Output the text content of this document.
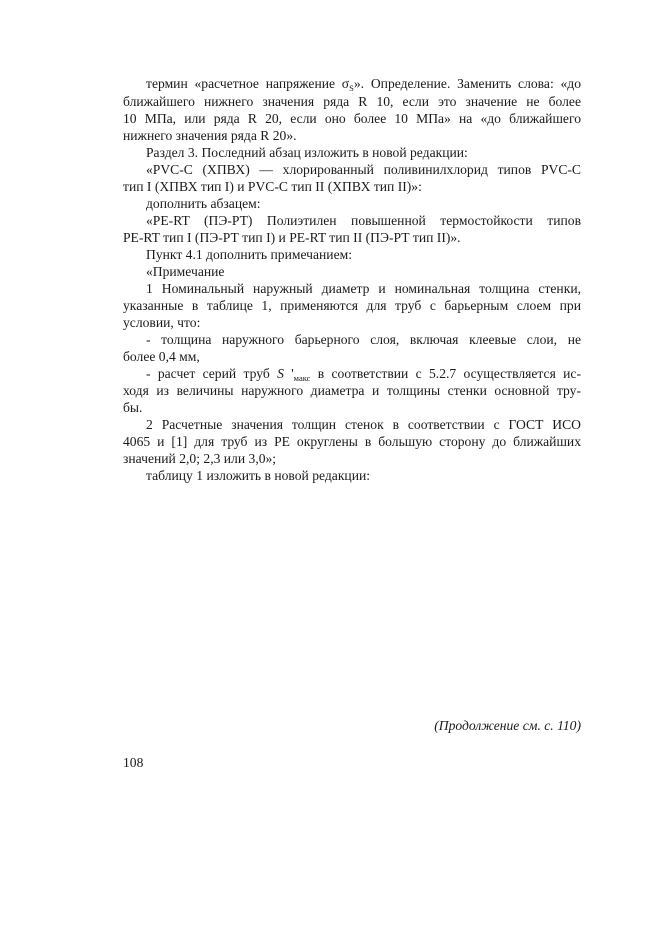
термин «расчетное напряжение $\sigma_S$». Определение. Заменить слова: «до

ближайшего нижнего значения ряда R 10, если это значение не более

10 МПа, или ряда R 20, если оно более 10 МПа» на «до ближайшего

нижнего значения ряда R 20».

Раздел 3. Последний абзац изложить в новой редакции:

«PVC-C (ХПВХ) — хлорированный поливинилхлорид типов PVC-C

тип I (ХПВХ тип I) и PVC-C тип II (ХПВХ тип II)»:

дополнить абзацем:

«PE-RT (ПЭ-РТ) Полиэтилен повышенной термостойкости типов

PE-RT тип I (ПЭ-РТ тип I) и PE-RT тип II (ПЭ-РТ тип II)».

Пункт 4.1 дополнить примечанием:

«Примечание

1 Номинальный наружный диаметр и номинальная толщина стенки,

указанные в таблице 1, применяются для труб с барьерным слоем при

условии, что:

- толщина наружного барьерного слоя, включая клеевые слои, не

более 0,4 мм,

- расчет серий труб S '$_{макс}$ в соответствии с 5.2.7 осуществляется ис-

ходя из величины наружного диаметра и толщины стенки основной тру-

бы.

2 Расчетные значения толщин стенок в соответствии с ГОСТ ИСО

4065 и [1] для труб из PE округлены в большую сторону до ближайших

значений 2,0; 2,3 или 3,0»;

таблицу 1 изложить в новой редакции:

(Продолжение см. с. 110)
108
